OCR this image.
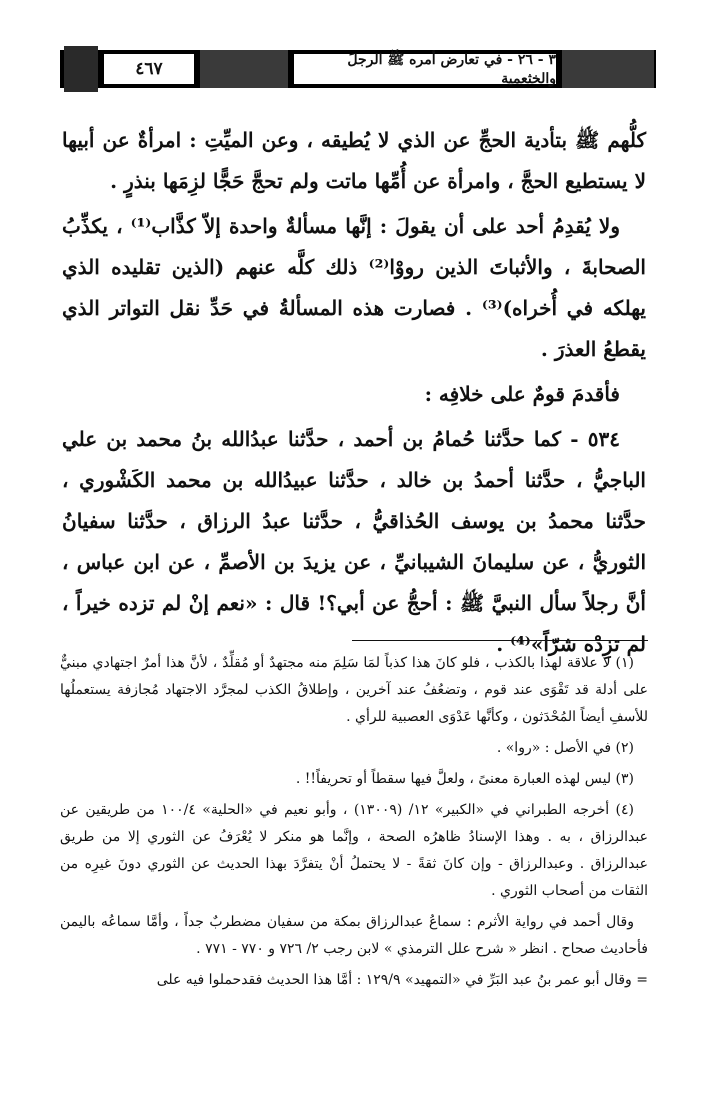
٤٦٧	٣ - ٢٦ - في تعارض أمره ﷺ الرجلَ والخثعمية

كلُّهم ﷺ بتأدية الحجِّ عن الذي لا يُطيقه ، وعن الميِّتِ : امرأةٌ عن أبيها لا يستطيع الحجَّ ، وامرأة عن أُمِّها ماتت ولم تحجَّ حَجًّا لزِمَها بنذرٍ .

ولا يُقدِمُ أحد على أن يقولَ : إنَّها مسألةٌ واحدة إلاّ كذَّاب⁽¹⁾ ، يكذِّبُ الصحابةَ ، والأثباتَ الذين رووْا⁽²⁾ ذلك كلَّه عنهم (الذين تقليده الذي يهلكه في أُخراه)⁽³⁾ . فصارت هذه المسألةُ في حَدِّ نقل التواتر الذي يقطعُ العذرَ .

فأقدمَ قومٌ على خلافِه :

٥٣٤ - كما حدَّثنا حُمامُ بن أحمد ، حدَّثنا عبدُالله بنُ محمد بن علي الباجيُّ ، حدَّثنا أحمدُ بن خالد ، حدَّثنا عبيدُالله بن محمد الكَشْوري ، حدَّثنا محمدُ بن يوسف الحُذاقيُّ ، حدَّثنا عبدُ الرزاق ، حدَّثنا سفيانُ الثوريُّ ، عن سليمانَ الشيبانيِّ ، عن يزيدَ بن الأصمِّ ، عن ابن عباس ، أنَّ رجلاً سأل النبيَّ ﷺ : أحجُّ عن أبي؟! قال : «نعم إنْ لم تزده خيراً ، لم تزِدْه شرّاً»⁽⁴⁾ .

(١) لا علاقة لهذا بالكذب ، فلو كانَ هذا كذباً لمَا سَلِمَ منه مجتهدٌ أو مُقلِّدٌ ، لأنَّ هذا أمرٌ اجتهادي مبنيٌّ على أدلة قد تَقْوَى عند قوم ، وتضعُفُ عند آخرين ، وإطلاقُ الكذب لمجرَّد الاجتهاد مُجازفة يستعملُها للأسفِ أيضاً المُحْدَثون ، وكأنَّها عَدْوَى العصبية للرأي .

(٢) في الأصل : «روا» .

(٣) ليس لهذه العبارة معنىً ، ولعلَّ فيها سقطاً أو تحريفاً!! .

(٤) أخرجه الطبراني في «الكبير» ١٢/ (١٣٠٠٩) ، وأبو نعيم في «الحلية» ١٠٠/٤ من طريقين عن عبدالرزاق ، به . وهذا الإسنادُ ظاهرُه الصحة ، وإنَّما هو منكر لا يُعْرَفُ عن الثوري إلا من طريق عبدالرزاق . وعبدالرزاق - وإن كانَ ثقةً - لا يحتملُ أنْ يتفرَّدَ بهذا الحديث عن الثوري دونَ غيرِه من الثقات من أصحاب الثوري .

وقال أحمد في رواية الأثرم : سماعُ عبدالرزاق بمكة من سفيان مضطربٌ جداً ، وأمَّا سماعُه باليمن فأحاديث صحاح . انظر « شرح علل الترمذي » لابن رجب ٢/ ٧٢٦ و ٧٧٠ - ٧٧١ .

= وقال أبو عمر بنُ عبد البَرِّ في «التمهيد» ١٢٩/٩ : أمَّا هذا الحديث فقدحملوا فيه على
